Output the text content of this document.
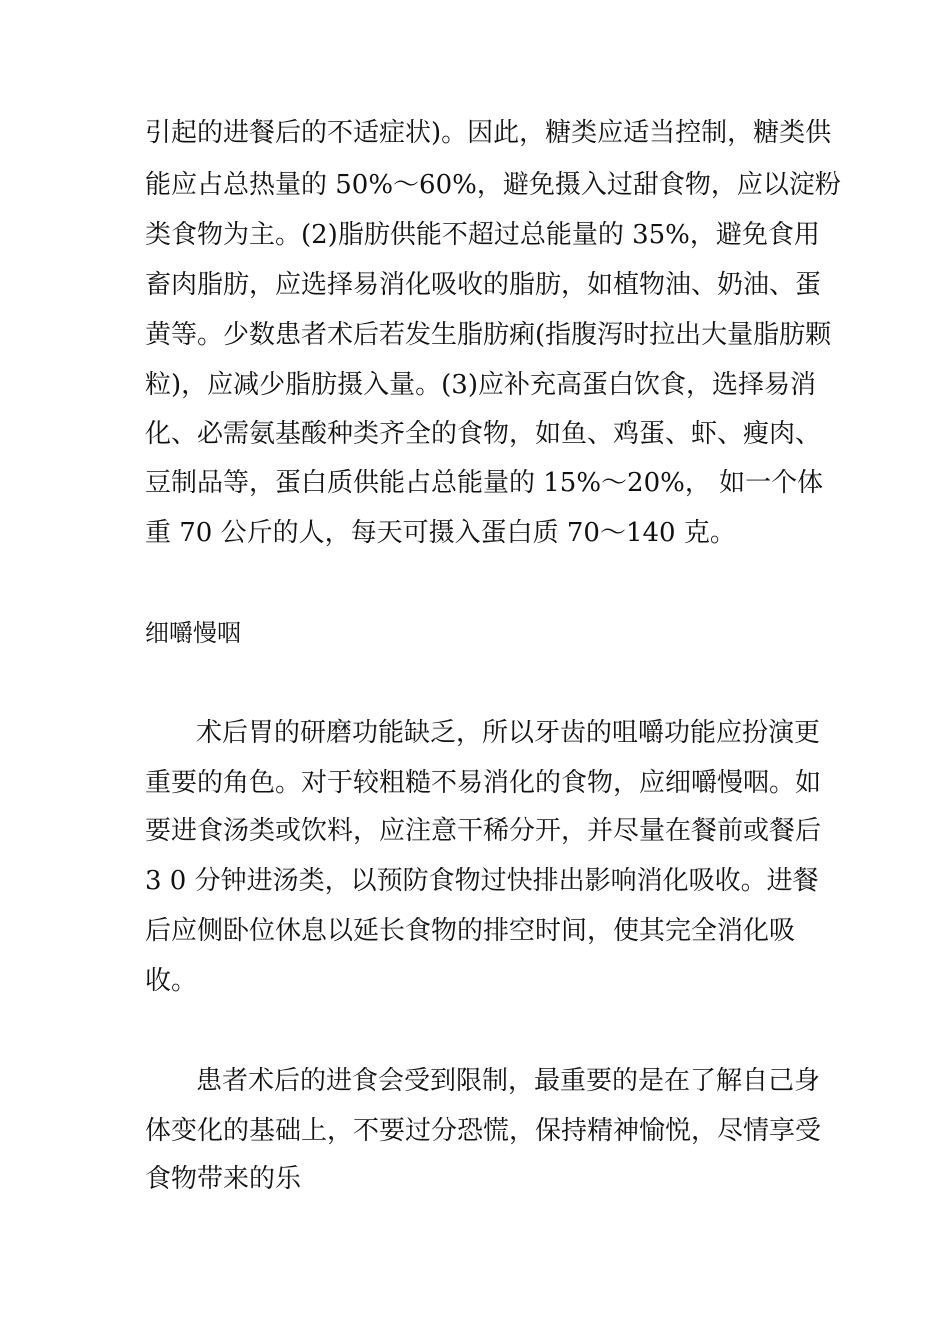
引起的进餐后的不适症状)。因此，糖类应适当控制，糖类供
能应占总热量的 50%～60%，避免摄入过甜食物，应以淀粉
类食物为主。(2)脂肪供能不超过总能量的 35%，避免食用
畜肉脂肪，应选择易消化吸收的脂肪，如植物油、奶油、蛋
黄等。少数患者术后若发生脂肪痢(指腹泻时拉出大量脂肪颗
粒)，应减少脂肪摄入量。(3)应补充高蛋白饮食，选择易消
化、必需氨基酸种类齐全的食物，如鱼、鸡蛋、虾、瘦肉、
豆制品等，蛋白质供能占总能量的 15%～20%， 如一个体
重 70 公斤的人，每天可摄入蛋白质 70～140 克。
细嚼慢咽
术后胃的研磨功能缺乏，所以牙齿的咀嚼功能应扮演更
重要的角色。对于较粗糙不易消化的食物，应细嚼慢咽。如
要进食汤类或饮料，应注意干稀分开，并尽量在餐前或餐后
3 0 分钟进汤类，以预防食物过快排出影响消化吸收。进餐
后应侧卧位休息以延长食物的排空时间，使其完全消化吸
收。
患者术后的进食会受到限制，最重要的是在了解自己身
体变化的基础上，不要过分恐慌，保持精神愉悦，尽情享受
食物带来的乐
